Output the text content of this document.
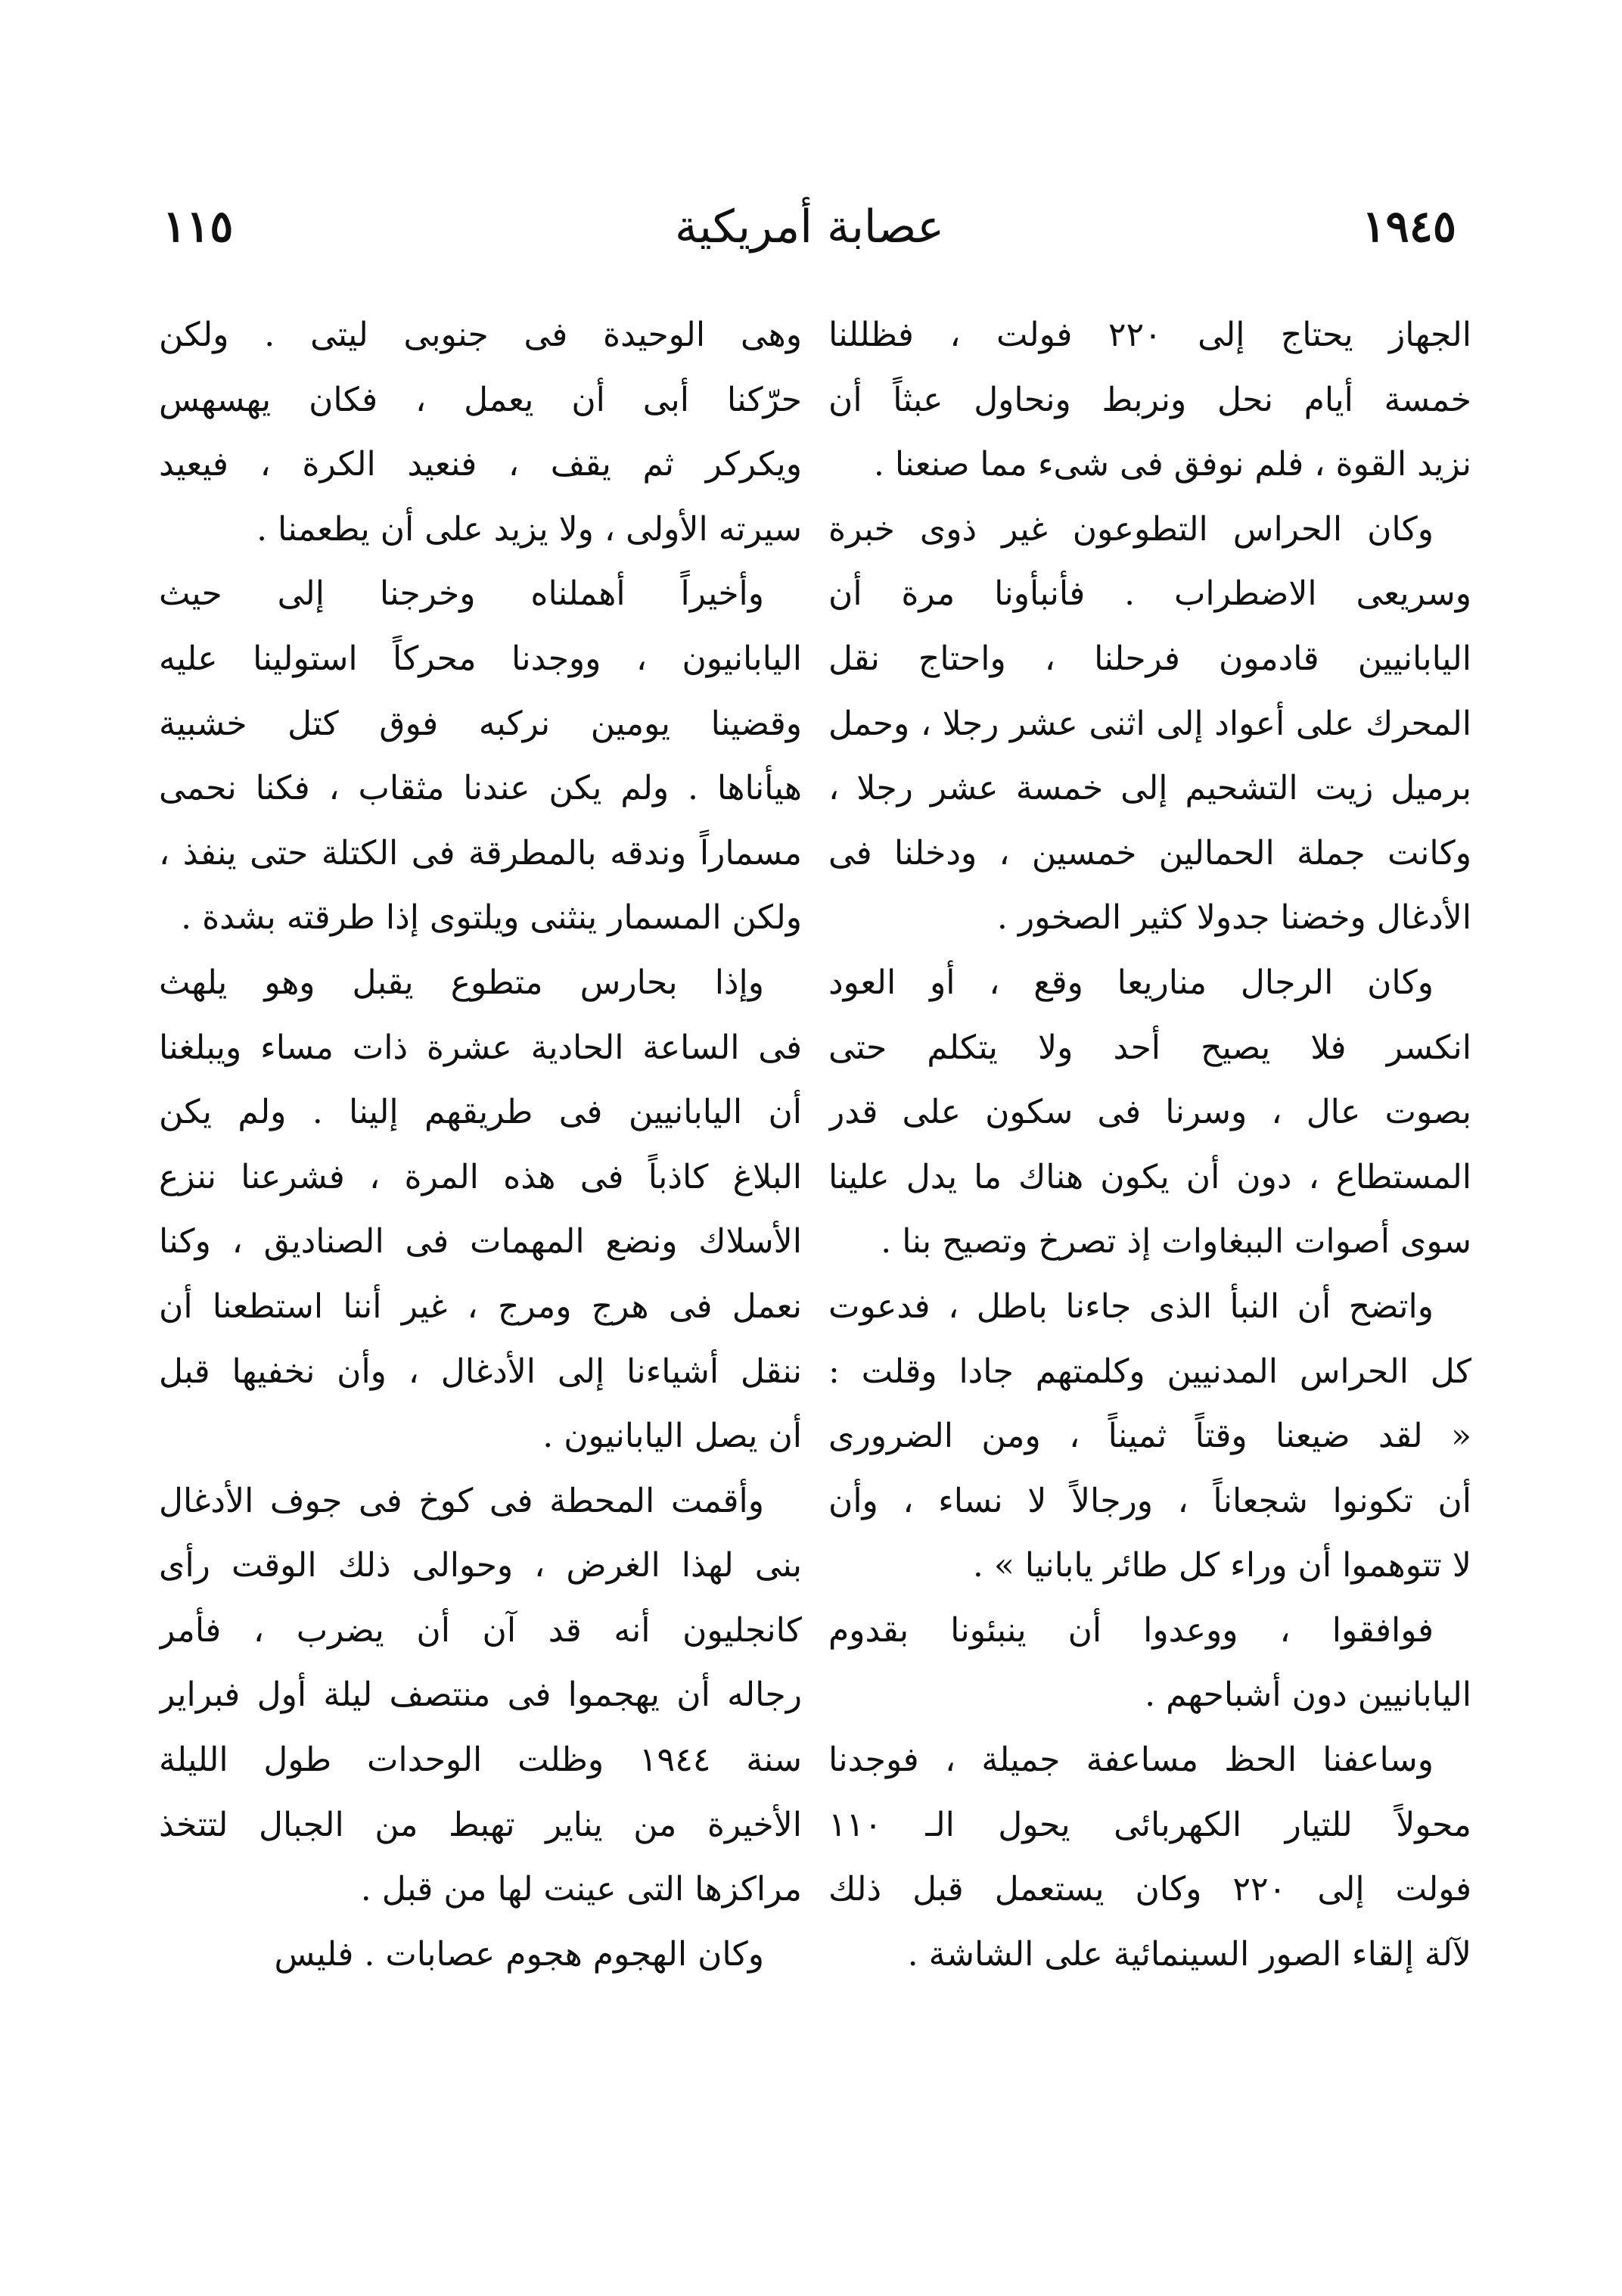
١٩٤٥
عصابة أمريكية
١١٥
الجهاز يحتاج إلى ٢٢٠ فولت ، فظللنا
خمسة أيام نحل ونربط ونحاول عبثاً أن
نزيد القوة ، فلم نوفق فى شىء مما صنعنا .
وكان الحراس التطوعون غير ذوى خبرة
وسريعى الاضطراب . فأنبأونا مرة أن
اليابانيين قادمون فرحلنا ، واحتاج نقل
المحرك على أعواد إلى اثنى عشر رجلا ، وحمل
برميل زيت التشحيم إلى خمسة عشر رجلا ،
وكانت جملة الحمالين خمسين ، ودخلنا فى
الأدغال وخضنا جدولا كثير الصخور .
وكان الرجال مناريعا وقع ، أو العود
انكسر فلا يصيح أحد ولا يتكلم حتى
بصوت عال ، وسرنا فى سكون على قدر
المستطاع ، دون أن يكون هناك ما يدل علينا
سوى أصوات الببغاوات إذ تصرخ وتصيح بنا .
واتضح أن النبأ الذى جاءنا باطل ، فدعوت
كل الحراس المدنيين وكلمتهم جادا وقلت :
« لقد ضيعنا وقتاً ثميناً ، ومن الضرورى
أن تكونوا شجعاناً ، ورجالاً لا نساء ، وأن
لا تتوهموا أن وراء كل طائر يابانيا » .
فوافقوا ، ووعدوا أن ينبئونا بقدوم
اليابانيين دون أشباحهم .
وساعفنا الحظ مساعفة جميلة ، فوجدنا
محولاً للتيار الكهربائى يحول الـ ١١٠
فولت إلى ٢٢٠ وكان يستعمل قبل ذلك
لآلة إلقاء الصور السينمائية على الشاشة .
وهى الوحيدة فى جنوبى ليتى . ولكن
حرّكنا أبى أن يعمل ، فكان يهسهس
ويكركر ثم يقف ، فنعيد الكرة ، فيعيد
سيرته الأولى ، ولا يزيد على أن يطعمنا .
وأخيراً أهملناه وخرجنا إلى حيث
اليابانيون ، ووجدنا محركاً استولينا عليه
وقضينا يومين نركبه فوق كتل خشبية
هيأناها . ولم يكن عندنا مثقاب ، فكنا نحمى
مسماراً وندقه بالمطرقة فى الكتلة حتى ينفذ ،
ولكن المسمار ينثنى ويلتوى إذا طرقته بشدة .
وإذا بحارس متطوع يقبل وهو يلهث
فى الساعة الحادية عشرة ذات مساء ويبلغنا
أن اليابانيين فى طريقهم إلينا . ولم يكن
البلاغ كاذباً فى هذه المرة ، فشرعنا ننزع
الأسلاك ونضع المهمات فى الصناديق ، وكنا
نعمل فى هرج ومرج ، غير أننا استطعنا أن
ننقل أشياءنا إلى الأدغال ، وأن نخفيها قبل
أن يصل اليابانيون .
وأقمت المحطة فى كوخ فى جوف الأدغال
بنى لهذا الغرض ، وحوالى ذلك الوقت رأى
كانجليون أنه قد آن أن يضرب ، فأمر
رجاله أن يهجموا فى منتصف ليلة أول فبراير
سنة ١٩٤٤ وظلت الوحدات طول الليلة
الأخيرة من يناير تهبط من الجبال لتتخذ
مراكزها التى عينت لها من قبل .
وكان الهجوم هجوم عصابات . فليس
